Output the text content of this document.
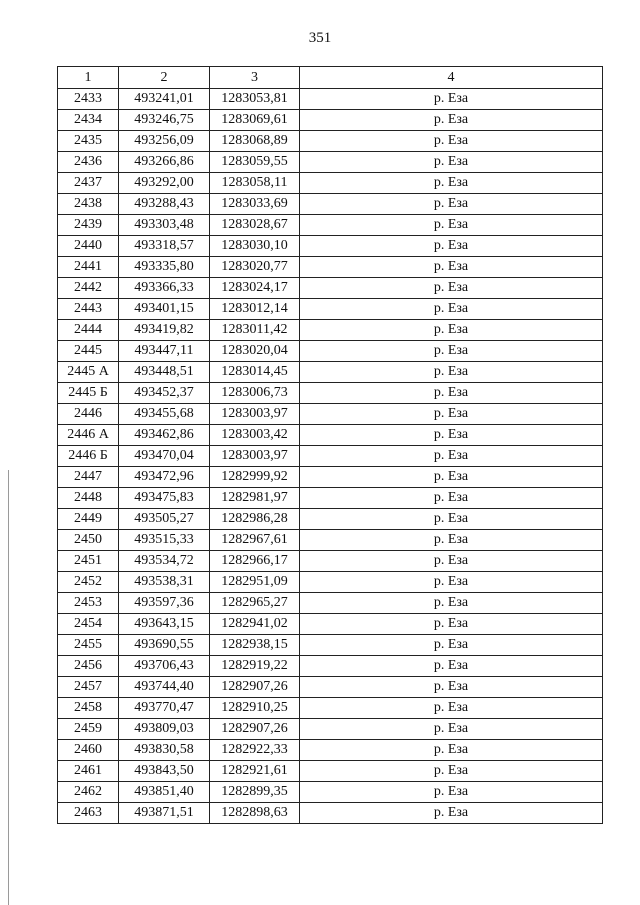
351
1	2	3	4
2433	493241,01	1283053,81	р. Еза
2434	493246,75	1283069,61	р. Еза
2435	493256,09	1283068,89	р. Еза
2436	493266,86	1283059,55	р. Еза
2437	493292,00	1283058,11	р. Еза
2438	493288,43	1283033,69	р. Еза
2439	493303,48	1283028,67	р. Еза
2440	493318,57	1283030,10	р. Еза
2441	493335,80	1283020,77	р. Еза
2442	493366,33	1283024,17	р. Еза
2443	493401,15	1283012,14	р. Еза
2444	493419,82	1283011,42	р. Еза
2445	493447,11	1283020,04	р. Еза
2445 А	493448,51	1283014,45	р. Еза
2445 Б	493452,37	1283006,73	р. Еза
2446	493455,68	1283003,97	р. Еза
2446 А	493462,86	1283003,42	р. Еза
2446 Б	493470,04	1283003,97	р. Еза
2447	493472,96	1282999,92	р. Еза
2448	493475,83	1282981,97	р. Еза
2449	493505,27	1282986,28	р. Еза
2450	493515,33	1282967,61	р. Еза
2451	493534,72	1282966,17	р. Еза
2452	493538,31	1282951,09	р. Еза
2453	493597,36	1282965,27	р. Еза
2454	493643,15	1282941,02	р. Еза
2455	493690,55	1282938,15	р. Еза
2456	493706,43	1282919,22	р. Еза
2457	493744,40	1282907,26	р. Еза
2458	493770,47	1282910,25	р. Еза
2459	493809,03	1282907,26	р. Еза
2460	493830,58	1282922,33	р. Еза
2461	493843,50	1282921,61	р. Еза
2462	493851,40	1282899,35	р. Еза
2463	493871,51	1282898,63	р. Еза
